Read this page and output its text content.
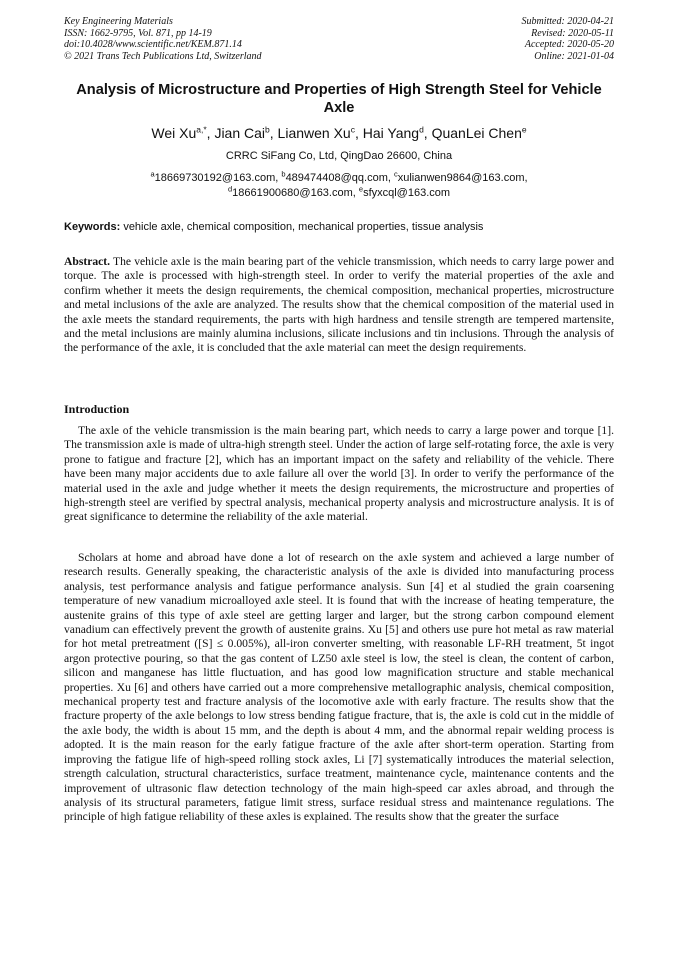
Key Engineering Materials
ISSN: 1662-9795, Vol. 871, pp 14-19
doi:10.4028/www.scientific.net/KEM.871.14
© 2021 Trans Tech Publications Ltd, Switzerland
Submitted: 2020-04-21
Revised: 2020-05-11
Accepted: 2020-05-20
Online: 2021-01-04
Analysis of Microstructure and Properties of High Strength Steel for Vehicle Axle
Wei $Xu^{a,*}$, Jian Cai$^b$, Lianwen Xu$^c$, Hai Yang$^d$, QuanLei Chen$^e$
CRRC SiFang Co, Ltd, QingDao 26600, China
$^a$18669730192@163.com, $^b$489474408@qq.com, $^c$xulianwen9864@163.com,
$^d$18661900680@163.com, $^e$sfyxcql@163.com
Keywords: vehicle axle, chemical composition, mechanical properties, tissue analysis
Abstract. The vehicle axle is the main bearing part of the vehicle transmission, which needs to carry large power and torque. The axle is processed with high-strength steel. In order to verify the material properties of the axle and confirm whether it meets the design requirements, the chemical composition, mechanical properties, microstructure and metal inclusions of the axle are analyzed. The results show that the chemical composition of the material used in the axle meets the standard requirements, the parts with high hardness and tensile strength are tempered martensite, and the metal inclusions are mainly alumina inclusions, silicate inclusions and tin inclusions. Through the analysis of the performance of the axle, it is concluded that the axle material can meet the design requirements.
Introduction
The axle of the vehicle transmission is the main bearing part, which needs to carry a large power and torque [1]. The transmission axle is made of ultra-high strength steel. Under the action of large self-rotating force, the axle is very prone to fatigue and fracture [2], which has an important impact on the safety and reliability of the vehicle. There have been many major accidents due to axle failure all over the world [3]. In order to verify the performance of the material used in the axle and judge whether it meets the design requirements, the microstructure and properties of high-strength steel are verified by spectral analysis, mechanical property analysis and microstructure analysis. It is of great significance to determine the reliability of the axle material.
Scholars at home and abroad have done a lot of research on the axle system and achieved a large number of research results. Generally speaking, the characteristic analysis of the axle is divided into manufacturing process analysis, test performance analysis and fatigue performance analysis. Sun [4] et al studied the grain coarsening temperature of new vanadium microalloyed axle steel. It is found that with the increase of heating temperature, the austenite grains of this type of axle steel are getting larger and larger, but the strong carbon compound element vanadium can effectively prevent the growth of austenite grains. Xu [5] and others use pure hot metal as raw material for hot metal pretreatment ([S] ≤ 0.005%), all-iron converter smelting, with reasonable LF-RH treatment, 5t ingot argon protective pouring, so that the gas content of LZ50 axle steel is low, the steel is clean, the content of carbon, silicon and manganese has little fluctuation, and has good low magnification structure and stable mechanical properties. Xu [6] and others have carried out a more comprehensive metallographic analysis, chemical composition, mechanical property test and fracture analysis of the locomotive axle with early fracture. The results show that the fracture property of the axle belongs to low stress bending fatigue fracture, that is, the axle is cold cut in the middle of the axle body, the width is about 15 mm, and the depth is about 4 mm, and the abnormal repair welding process is adopted. It is the main reason for the early fatigue fracture of the axle after short-term operation. Starting from improving the fatigue life of high-speed rolling stock axles, Li [7] systematically introduces the material selection, strength calculation, structural characteristics, surface treatment, maintenance cycle, maintenance contents and the improvement of ultrasonic flaw detection technology of the main high-speed car axles abroad, and through the analysis of its structural parameters, fatigue limit stress, surface residual stress and maintenance regulations. The principle of high fatigue reliability of these axles is explained. The results show that the greater the surface
